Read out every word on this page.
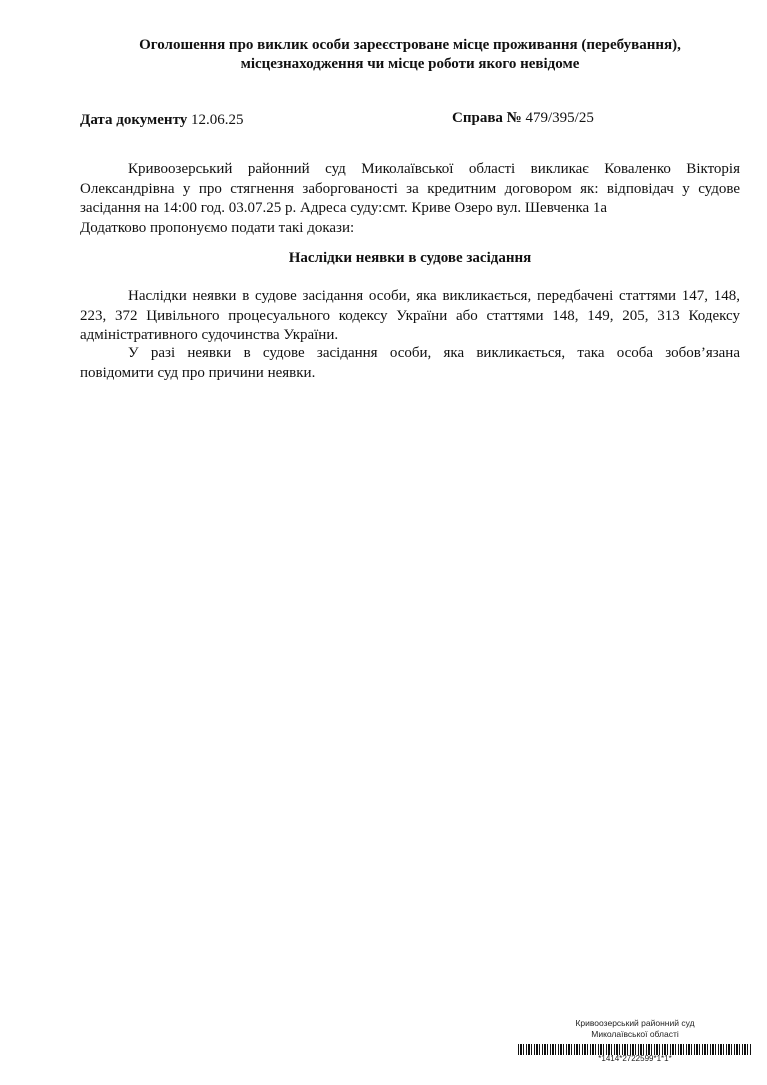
Оголошення про виклик особи зареєстроване місце проживання (перебування),
місцезнаходження чи місце роботи якого невідоме
Дата документу 12.06.25	Справа № 479/395/25
Кривоозерський районний суд Миколаївської області викликає Коваленко Вікторія
Олександрівна у про стягнення заборгованості за кредитним договором як: відповідач у судове
засідання на 14:00 год. 03.07.25 р. Адреса суду:смт. Криве Озеро вул. Шевченка 1а
Додатково пропонуємо подати такі докази:
Наслідки неявки в судове засідання
Наслідки неявки в судове засідання особи, яка викликається, передбачені статтями 147, 148,
223, 372 Цивільного процесуального кодексу України або статтями 148, 149, 205, 313 Кодексу
адміністративного судочинства України.
У разі неявки в судове засідання особи, яка викликається, така особа зобов’язана
повідомити суд про причини неявки.
Кривоозерський районний суд
Миколаївської області
*1414*2722599*1*1*
